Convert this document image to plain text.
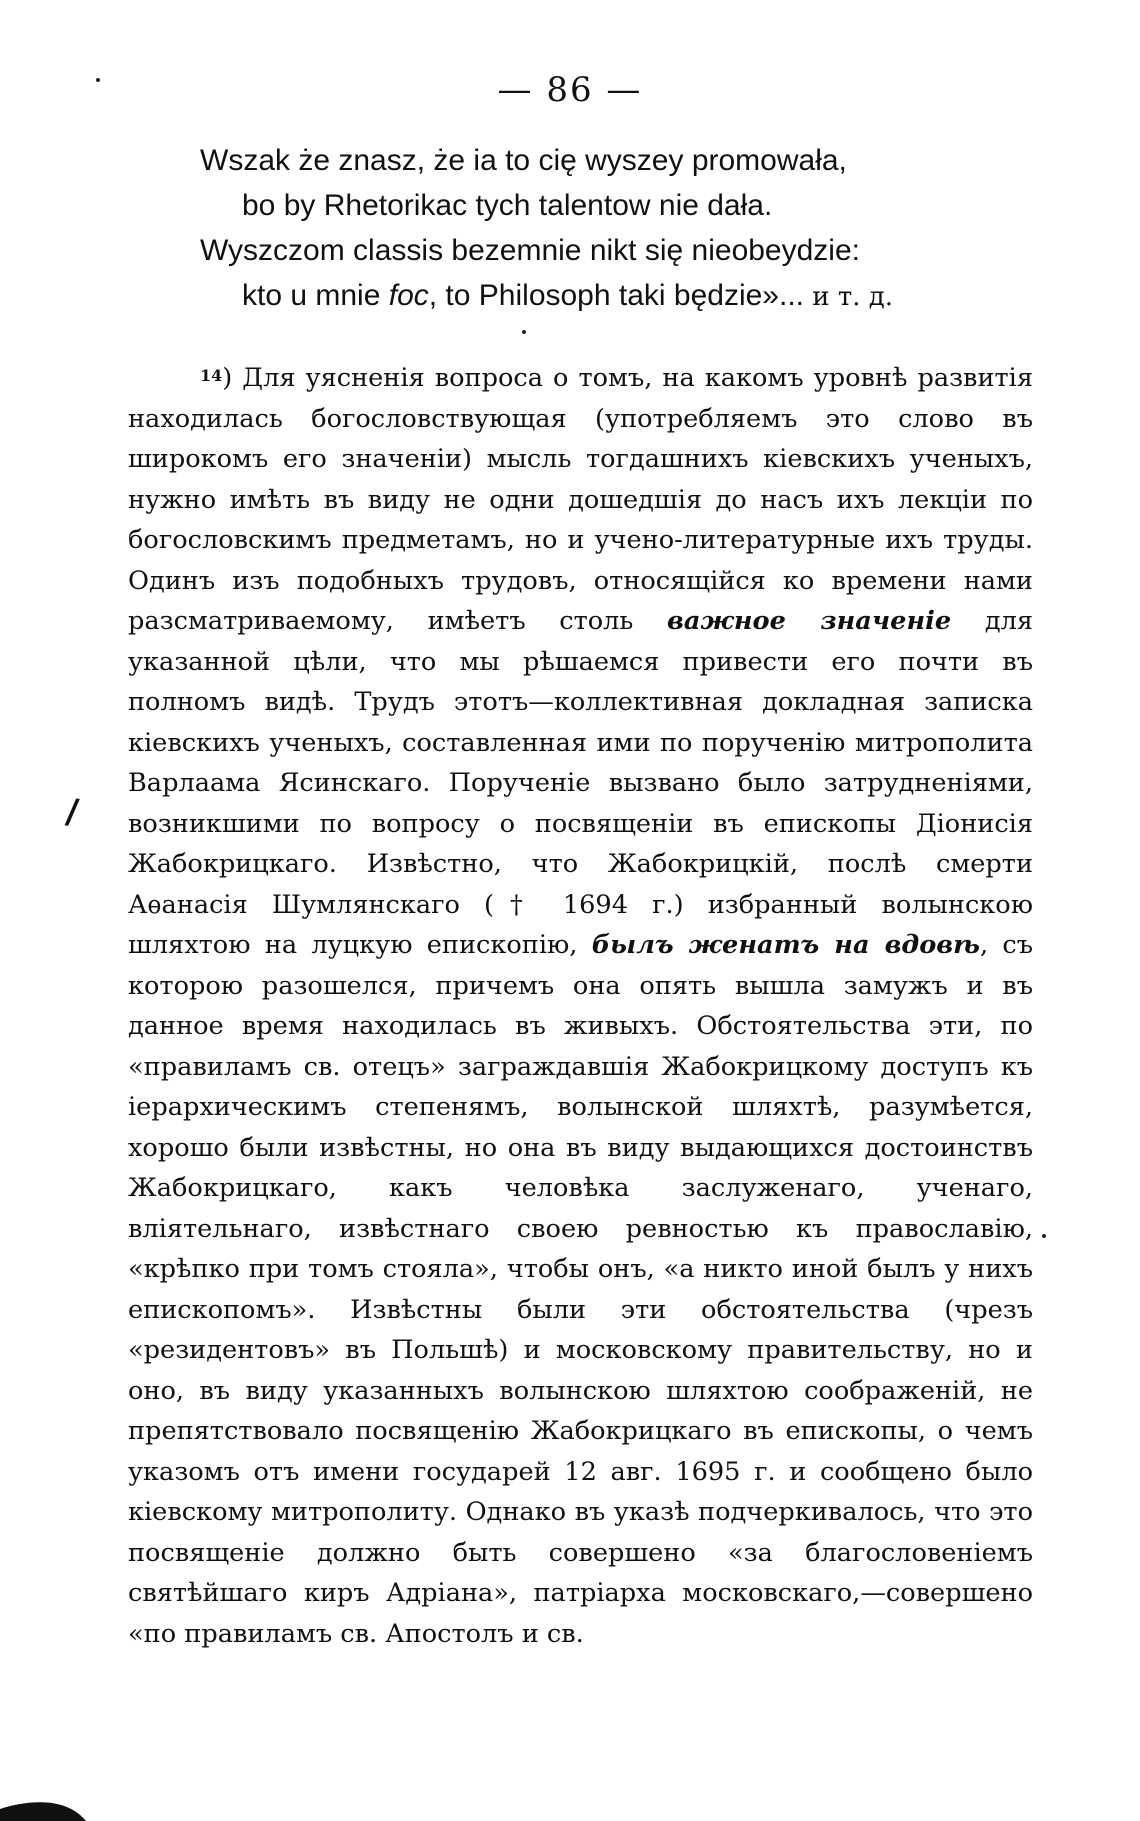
— 86 —
Wszak że znasz, że ia to cię wyszey promowała,
bo by Rhetorikac tych talentow nie dała.
Wyszczom classis bezemnie nikt się nieobeydzie:
kto u mnie foc, to Philosoph taki będzie»... и т. д.

$^{14}$) Для уясненія вопроса о томъ, на какомъ уровнѣ развитія находилась богословствующая (употребляемъ это слово въ широкомъ его значеніи) мысль тогдашнихъ кіевскихъ ученыхъ, нужно имѣть въ виду не одни дошедшія до насъ ихъ лекціи по богословскимъ предметамъ, но и учено-литературные ихъ труды. Одинъ изъ подобныхъ трудовъ, относящійся ко времени нами разсматриваемому, имѣетъ столь важное значеніе для указанной цѣли, что мы рѣшаемся привести его почти въ полномъ видѣ. Трудъ этотъ—коллективная докладная записка кіевскихъ ученыхъ, составленная ими по порученію митрополита Варлаама Ясинскаго. Порученіе вызвано было затрудненіями, возникшими по вопросу о посвященіи въ епископы Діонисія Жабокрицкаго. Извѣстно, что Жабокрицкій, послѣ смерти Аѳанасія Шумлянскаго († 1694 г.) избранный волынскою шляхтою на луцкую епископію, былъ женатъ на вдовѣ, съ которою разошелся, причемъ она опять вышла замужъ и въ данное время находилась въ живыхъ. Обстоятельства эти, по «правиламъ св. отецъ» заграждавшія Жабокрицкому доступъ къ іерархическимъ степенямъ, волынской шляхтѣ, разумѣется, хорошо были извѣстны, но она въ виду выдающихся достоинствъ Жабокрицкаго, какъ человѣка заслуженаго, ученаго, вліятельнаго, извѣстнаго своею ревностью къ православію, «крѣпко при томъ стояла», чтобы онъ, «а никто иной былъ у нихъ епископомъ». Извѣстны были эти обстоятельства (чрезъ «резидентовъ» въ Польшѣ) и московскому правительству, но и оно, въ виду указанныхъ волынскою шляхтою соображеній, не препятствовало посвященію Жабокрицкаго въ епископы, о чемъ указомъ отъ имени государей 12 авг. 1695 г. и сообщено было кіевскому митрополиту. Однако въ указѣ подчеркивалось, что это посвященіе должно быть совершено «за благословеніемъ святѣйшаго киръ Адріана», патріарха московскаго,—совершено «по правиламъ св. Апостолъ и св.

/
